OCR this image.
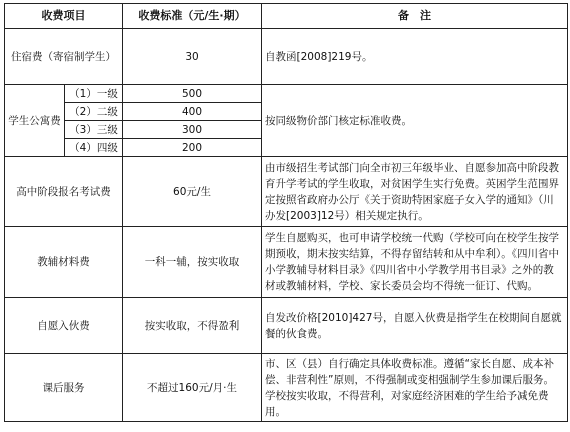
收费项目		收费标准（元/生·期）	备　注
住宿费（寄宿制学生）		30	自教函[2008]219号。
学生公寓费	（1）一级	500	按同级物价部门核定标准收费。
	（2）二级	400	
	（3）三级	300	
	（4）四级	200	
高中阶段报名考试费		60元/生	由市级招生考试部门向全市初三年级毕业、自愿参加高中阶段教育升学考试的学生收取，对贫困学生实行免费。英困学生范围界定按照省政府办公厅《关于资助特困家庭子女入学的通知》（川办发[2003]12号）相关规定执行。
教辅材料费		一科一辅，按实收取	学生自愿购买，也可申请学校统一代购（学校可向在校学生按学期预收，期末按实结算，不得存留结转和从中牟利）。《四川省中小学教辅导材料目录》《四川省中小学教学用书目录》之外的教材或教辅材料，学校、家长委员会均不得统一征订、代购。
自愿入伙费		按实收取，不得盈利	自发改价格[2010]427号，自愿入伙费是指学生在校期间自愿就餐的伙食费。
课后服务		不超过160元/月·生	市、区（县）自行确定具体收费标准。遵循“家长自愿、成本补偿、非营利性”原则，不得强制或变相强制学生参加课后服务。学校按实收取，不得营利，对家庭经济困难的学生给予减免费用。
